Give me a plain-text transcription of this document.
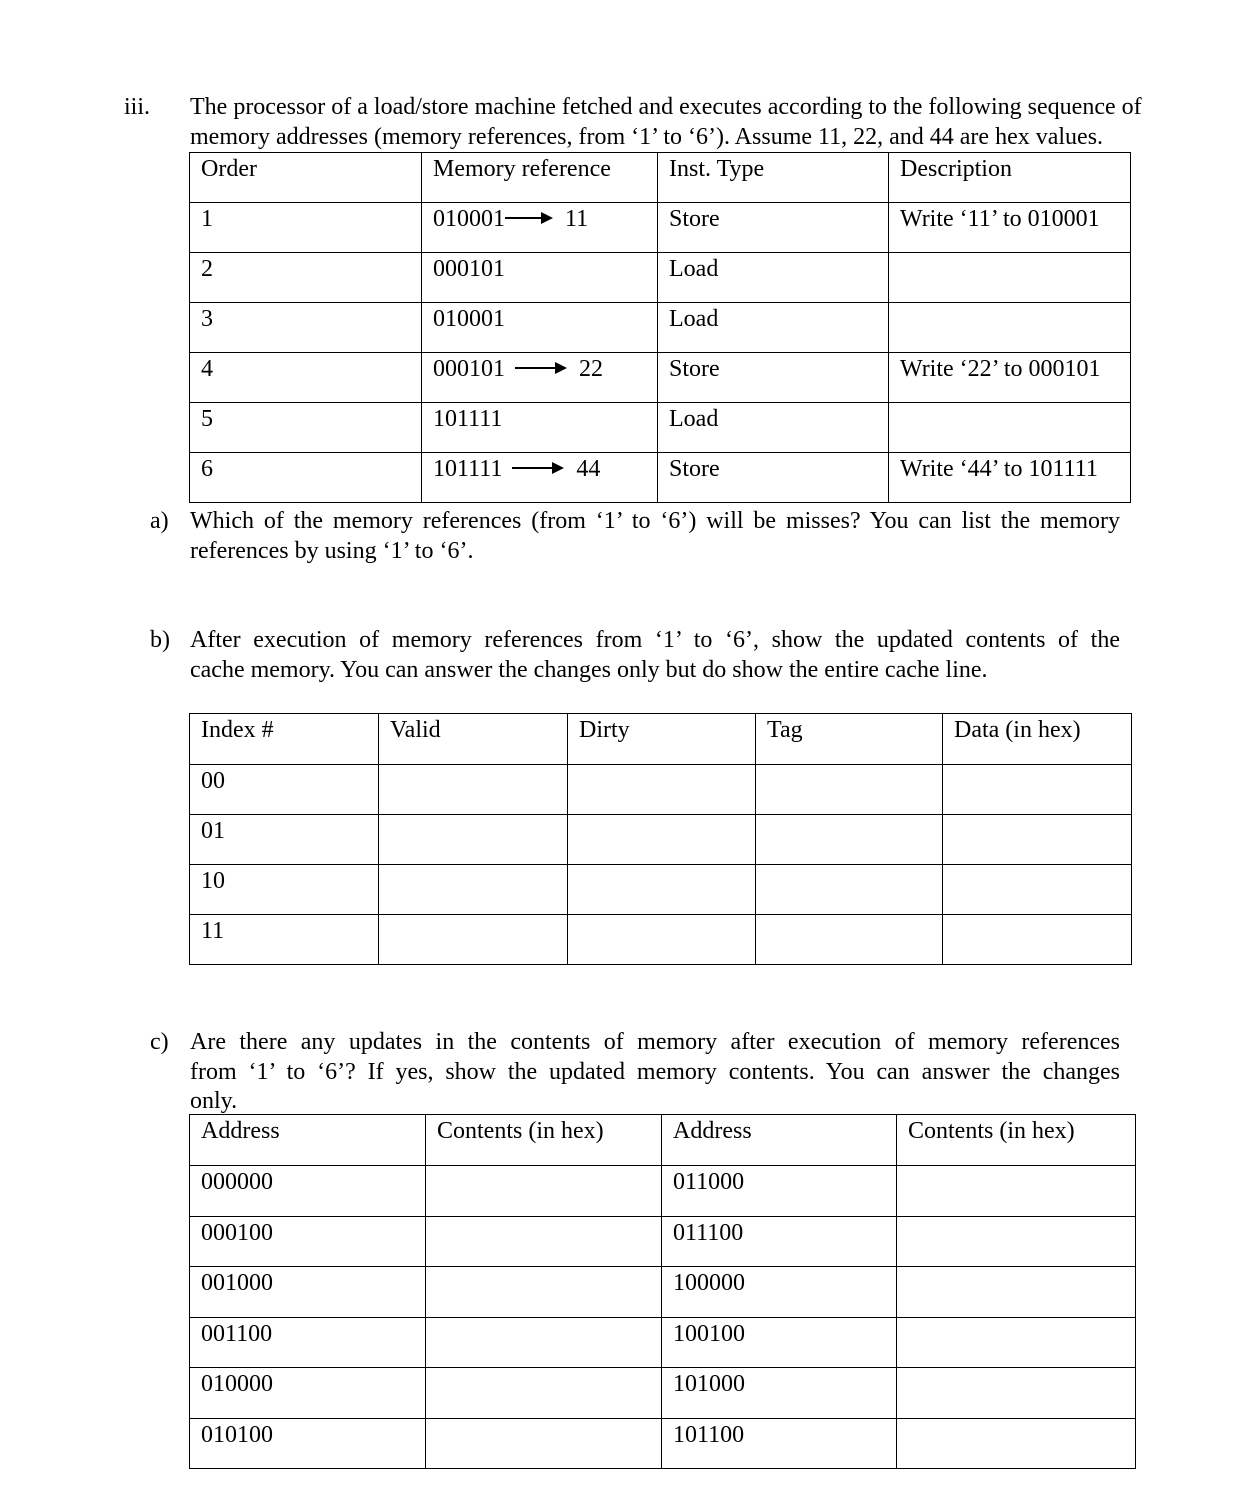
iii. The processor of a load/store machine fetched and executes according to the following sequence of
memory addresses (memory references, from ‘1’ to ‘6’). Assume 11, 22, and 44 are hex values.
Order	Memory reference	Inst. Type	Description
1	010001 11	Store	Write ‘11’ to 010001
2	000101	Load	
3	010001	Load	
4	000101 22	Store	Write ‘22’ to 000101
5	101111	Load	
6	101111 44	Store	Write ‘44’ to 101111
a) Which of the memory references (from ‘1’ to ‘6’) will be misses? You can list the memory
references by using ‘1’ to ‘6’.
b) After execution of memory references from ‘1’ to ‘6’, show the updated contents of the
cache memory. You can answer the changes only but do show the entire cache line.
Index #	Valid	Dirty	Tag	Data (in hex)
00				
01				
10				
11				
c) Are there any updates in the contents of memory after execution of memory references
from ‘1’ to ‘6’? If yes, show the updated memory contents. You can answer the changes
only.
Address	Contents (in hex)	Address	Contents (in hex)
000000		011000	
000100		011100	
001000		100000	
001100		100100	
010000		101000	
010100		101100	
